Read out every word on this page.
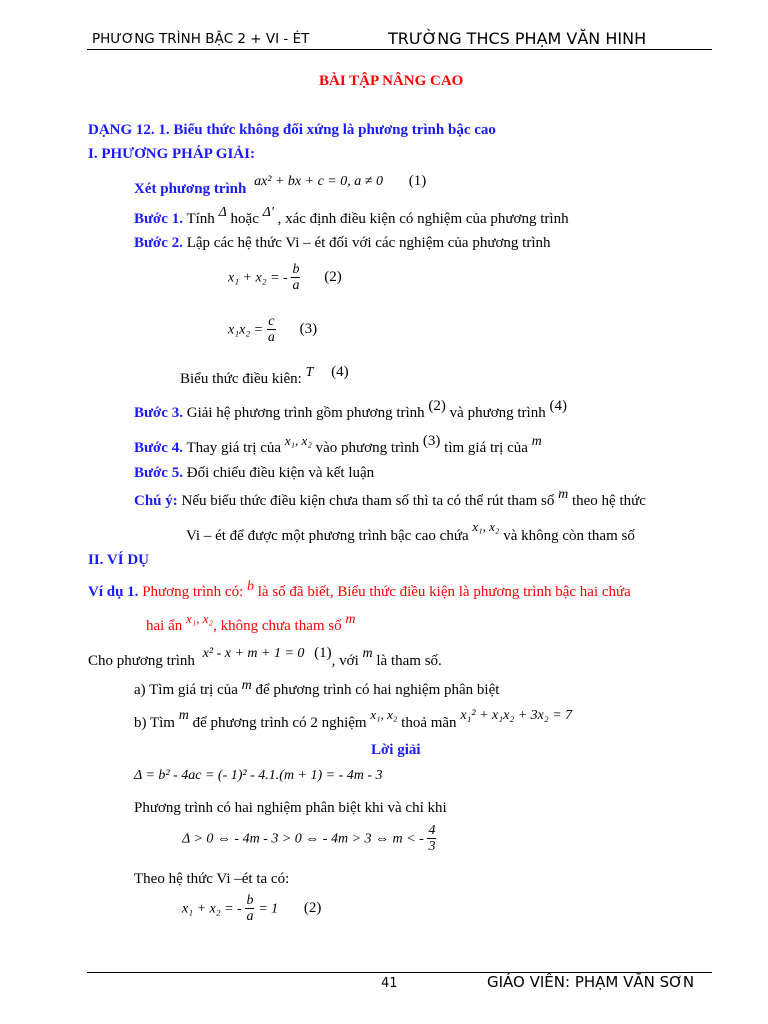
PHƯƠNG TRÌNH BẬC 2 + VI - ÉT	TRƯỜNG THCS PHẠM VĂN HINH
BÀI TẬP NÂNG CAO
DẠNG 12. 1. Biểu thức không đối xứng là phương trình bậc cao
I. PHƯƠNG PHÁP GIẢI:
Xét phương trình ax² + bx + c = 0, a ≠ 0 (1)
Bước 1. Tính Δ hoặc Δ' , xác định điều kiện có nghiệm của phương trình
Bước 2. Lập các hệ thức Vi – ét đối với các nghiệm của phương trình
x₁ + x₂ = - $\frac{b}{a} (2)$
$x_1x_2 = \frac{c}{a} (3)$
Biểu thức điều kiên: T (4)
Bước 3. Giải hệ phương trình gồm phương trình (2) và phương trình (4)
Bước 4. Thay giá trị của x₁, x₂ vào phương trình (3) tìm giá trị của m
Bước 5. Đối chiếu điều kiện và kết luận
Chú ý: Nếu biểu thức điều kiện chưa tham số thì ta có thể rút tham số m theo hệ thức
Vi – ét để được một phương trình bậc cao chứa x₁, x₂ và không còn tham số
II. VÍ DỤ
Ví dụ 1. Phương trình có: b là số đã biết, Biểu thức điều kiện là phương trình bậc hai chứa
hai ẩn x₁, x₂, không chưa tham số m
Cho phương trình x² - x + m + 1 = 0 (1), với m là tham số.
a) Tìm giá trị của m để phương trình có hai nghiệm phân biệt
b) Tìm m để phương trình có 2 nghiệm x₁, x₂ thoả mãn x₁² + x₁x₂ + 3x₂ = 7
Lời giải
Δ = b² - 4ac = (- 1)² - 4.1.(m + 1) = - 4m - 3
Phương trình có hai nghiệm phân biệt khi và chỉ khi
Δ > 0 ⇔ - 4m - 3 > 0 ⇔ - 4m > 3 ⇔ m < - $\frac{4}{3}$
Theo hệ thức Vi –ét ta có:
x₁ + x₂ = - $\frac{b}{a} = 1$ (2)
41	GIÁO VIÊN: PHẠM VĂN SƠN
